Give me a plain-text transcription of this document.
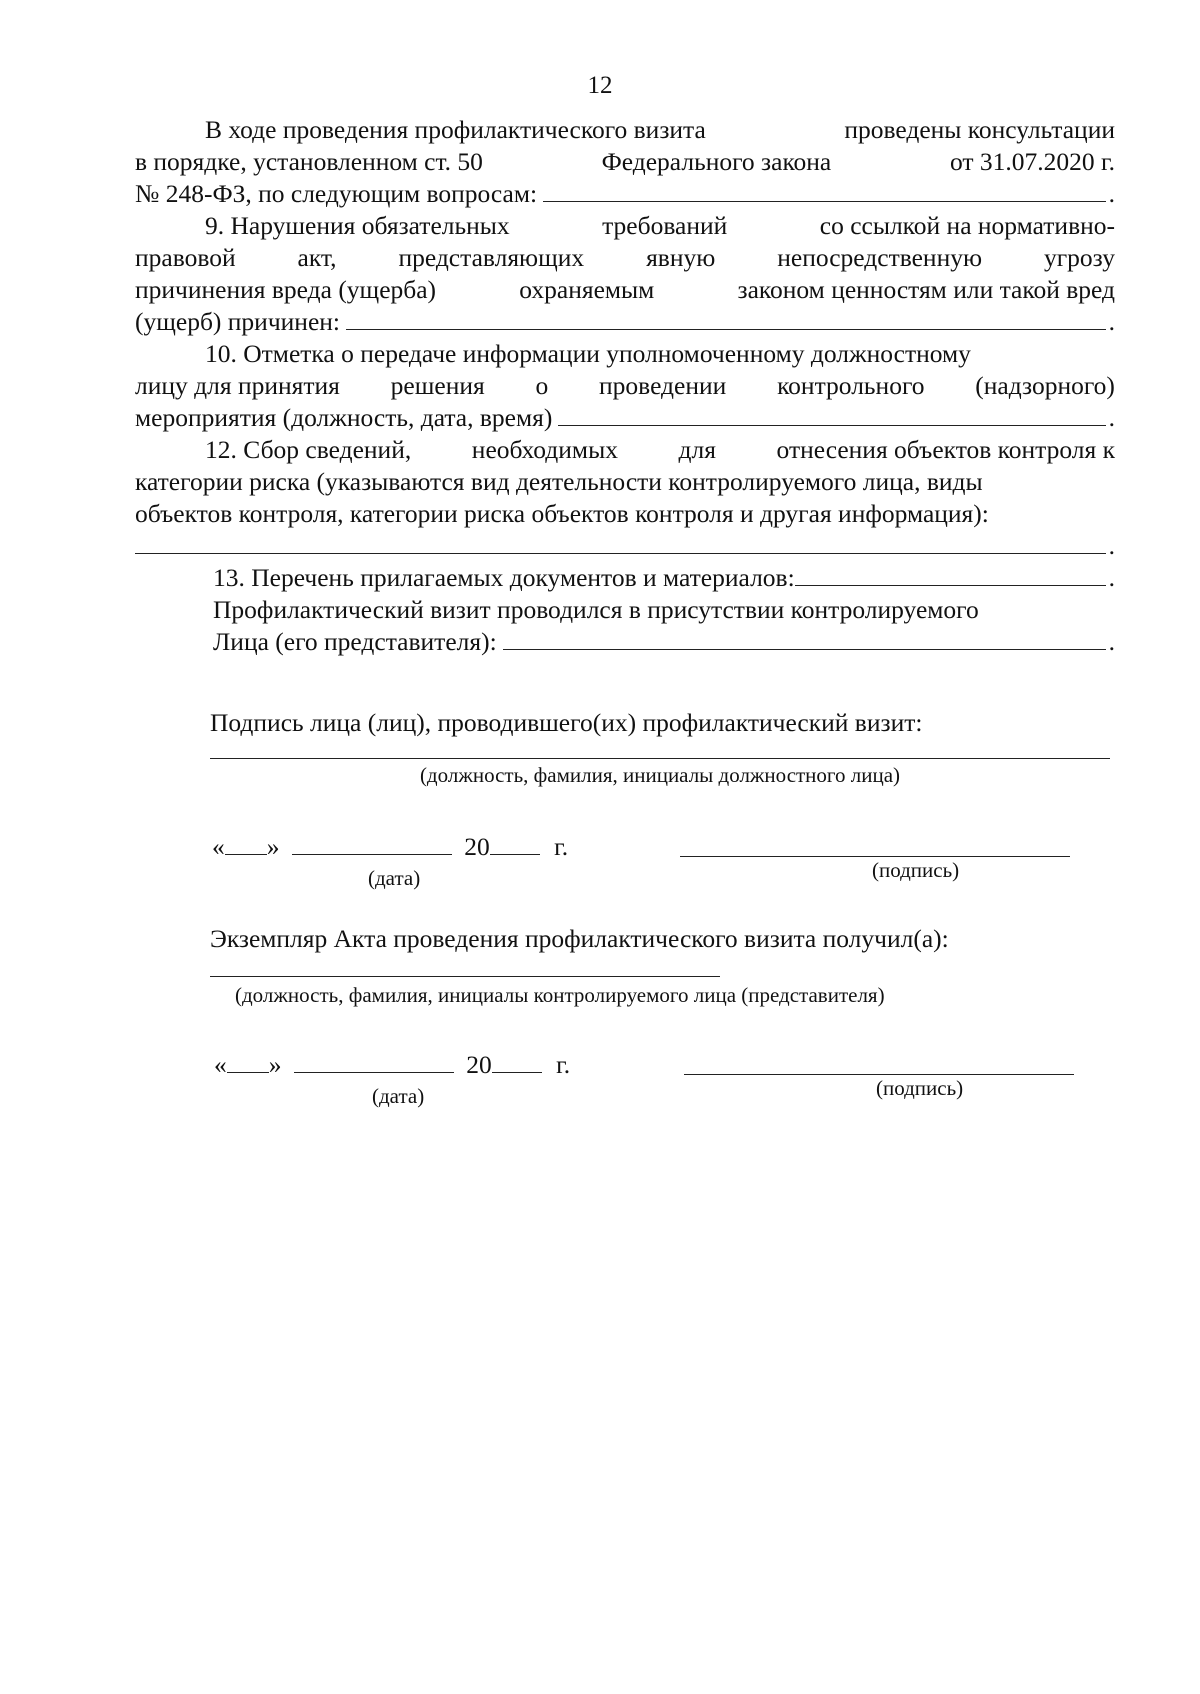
12
В ходе проведения профилактического визита	проведены консультации
в порядке, установленном ст. 50	Федерального закона	от 31.07.2020 г.
№ 248-ФЗ, по следующим вопросам:	.
9. Нарушения обязательных	требований	со ссылкой на нормативно-
правовой акт, представляющих явную непосредственную угрозу
причинения вреда (ущерба)	охраняемым	законом ценностям или такой вред
(ущерб) причинен:	.
10. Отметка о передаче информации уполномоченному должностному
лицу для принятия решения о проведении контрольного (надзорного)
мероприятия (должность, дата, время)	.
12. Сбор сведений, необходимых для отнесения объектов контроля к
категории риска (указываются вид деятельности контролируемого лица, виды
объектов контроля, категории риска объектов контроля и другая информация):
.
13. Перечень прилагаемых документов и материалов:	.
Профилактический визит проводился в присутствии контролируемого
Лица (его представителя):	.
Подпись лица (лиц), проводившего(их) профилактический визит:
(должность, фамилия, инициалы должностного лица)
« »	20	г.
(дата)	(подпись)
Экземпляр Акта проведения профилактического визита получил(а):
(должность, фамилия, инициалы контролируемого лица (представителя)
« »	20	г.
(дата)	(подпись)
